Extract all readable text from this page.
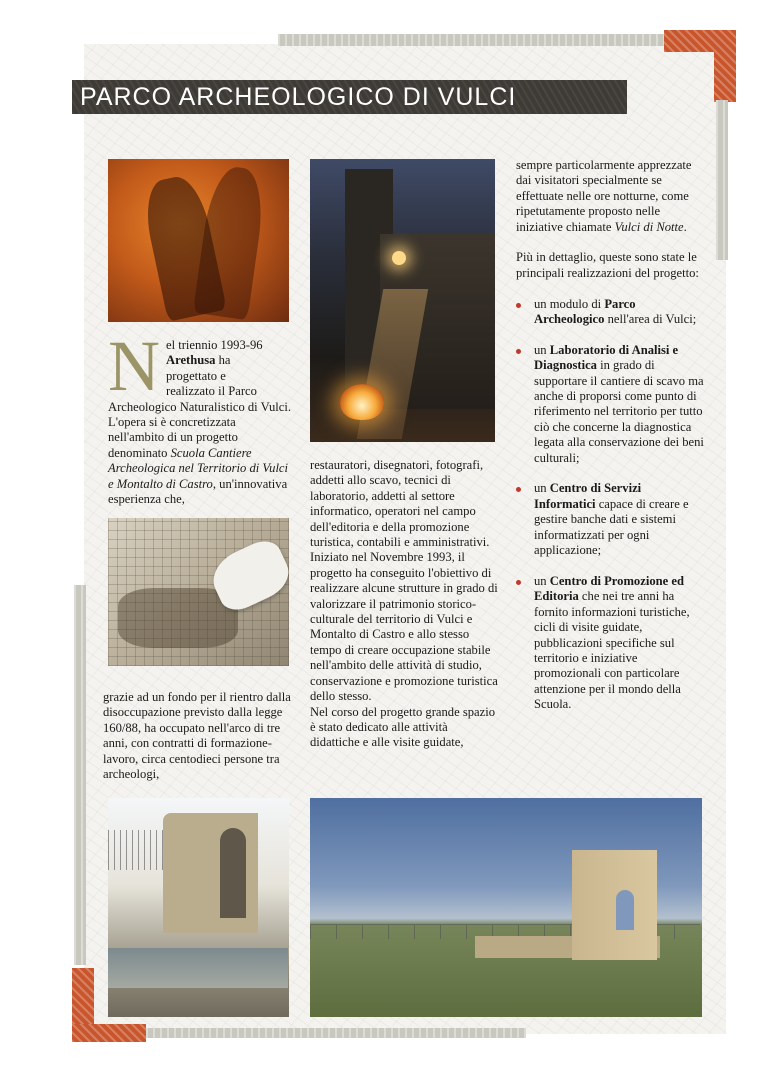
PARCO ARCHEOLOGICO DI VULCI
Nel triennio 1993-96
Arethusa ha
progettato e
realizzato il Parco Archeologico Naturalistico di Vulci. L'opera si è concretizzata nell'ambito di un progetto denominato Scuola Cantiere Archeologica nel Territorio di Vulci e Montalto di Castro, un'innovativa esperienza che,

grazie ad un fondo per il rientro dalla disoccupazione previsto dalla legge 160/88, ha occupato nell'arco di tre anni, con contratti di formazione-lavoro, circa centodieci persone tra archeologi,

restauratori, disegnatori, fotografi, addetti allo scavo, tecnici di laboratorio, addetti al settore informatico, operatori nel campo dell'editoria e della promozione turistica, contabili e amministrativi.

Iniziato nel Novembre 1993, il progetto ha conseguito l'obiettivo di realizzare alcune strutture in grado di valorizzare il patrimonio storico-culturale del territorio di Vulci e Montalto di Castro e allo stesso tempo di creare occupazione stabile nell'ambito delle attività di studio, conservazione e promozione turistica dello stesso.

Nel corso del progetto grande spazio è stato dedicato alle attività didattiche e alle visite guidate,

sempre particolarmente apprezzate dai visitatori specialmente se effettuate nelle ore notturne, come ripetutamente proposto nelle iniziative chiamate Vulci di Notte.

Più in dettaglio, queste sono state le principali realizzazioni del progetto:

un modulo di Parco Archeologico nell'area di Vulci;
un Laboratorio di Analisi e Diagnostica in grado di supportare il cantiere di scavo ma anche di proporsi come punto di riferimento nel territorio per tutto ciò che concerne la diagnostica legata alla conservazione dei beni culturali;
un Centro di Servizi Informatici capace di creare e gestire banche dati e sistemi informatizzati per ogni applicazione;
un Centro di Promozione ed Editoria che nei tre anni ha fornito informazioni turistiche, cicli di visite guidate, pubblicazioni specifiche sul territorio e iniziative promozionali con particolare attenzione per il mondo della Scuola.
